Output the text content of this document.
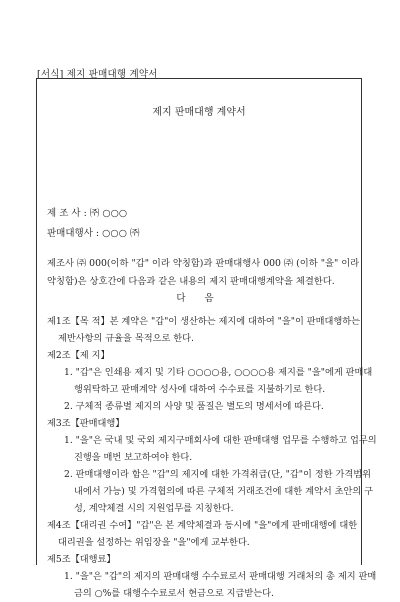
[서식] 제지 판매대행 계약서
제지 판매대행 계약서
제 조 사 : ㈜ ○○○
판매대행사 : ○○○ ㈜
제조사 ㈜ 000(이하 "갑" 이라 약칭함)과 판매대행사 000 ㈜ (이하 "을" 이라
약칭함)은 상호간에 다음과 같은 내용의 제지 판매대행계약을 체결한다.
다 음
제1조【목 적】본 계약은 "갑"이 생산하는 제지에 대하여 "을"이 판매대행하는
제반사항의 규율을 목적으로 한다.
제2조【제 지】
1. "갑"은 인쇄용 제지 및 기타 ○○○○용, ○○○○용 제지를 "을"에게 판매대
행위탁하고 판매계약 성사에 대하여 수수료를 지불하기로 한다.
2. 구체적 종류별 제지의 사양 및 품질은 별도의 명세서에 따른다.
제3조【판매대행】
1. "을"은 국내 및 국외 제지구매회사에 대한 판매대행 업무를 수행하고 업무의
진행을 매번 보고하여야 한다.
2. 판매대행이라 함은 "갑"의 제지에 대한 가격취급(단, "갑"이 정한 가격범위
내에서 가능) 및 가격협의에 따른 구체적 거래조건에 대한 계약서 초안의 구
성, 계약체결 시의 지원업무를 지칭한다.
제4조【대리권 수여】"갑"은 본 계약체결과 동시에 "을"에게 판매대행에 대한
대리권을 설정하는 위임장을 "을"에게 교부한다.
제5조【대행료】
1. "을"은 "갑"의 제지의 판매대행 수수료로서 판매대행 거래처의 총 제지 판매
금의 ○%를 대행수수료로서 현금으로 지급받는다.
